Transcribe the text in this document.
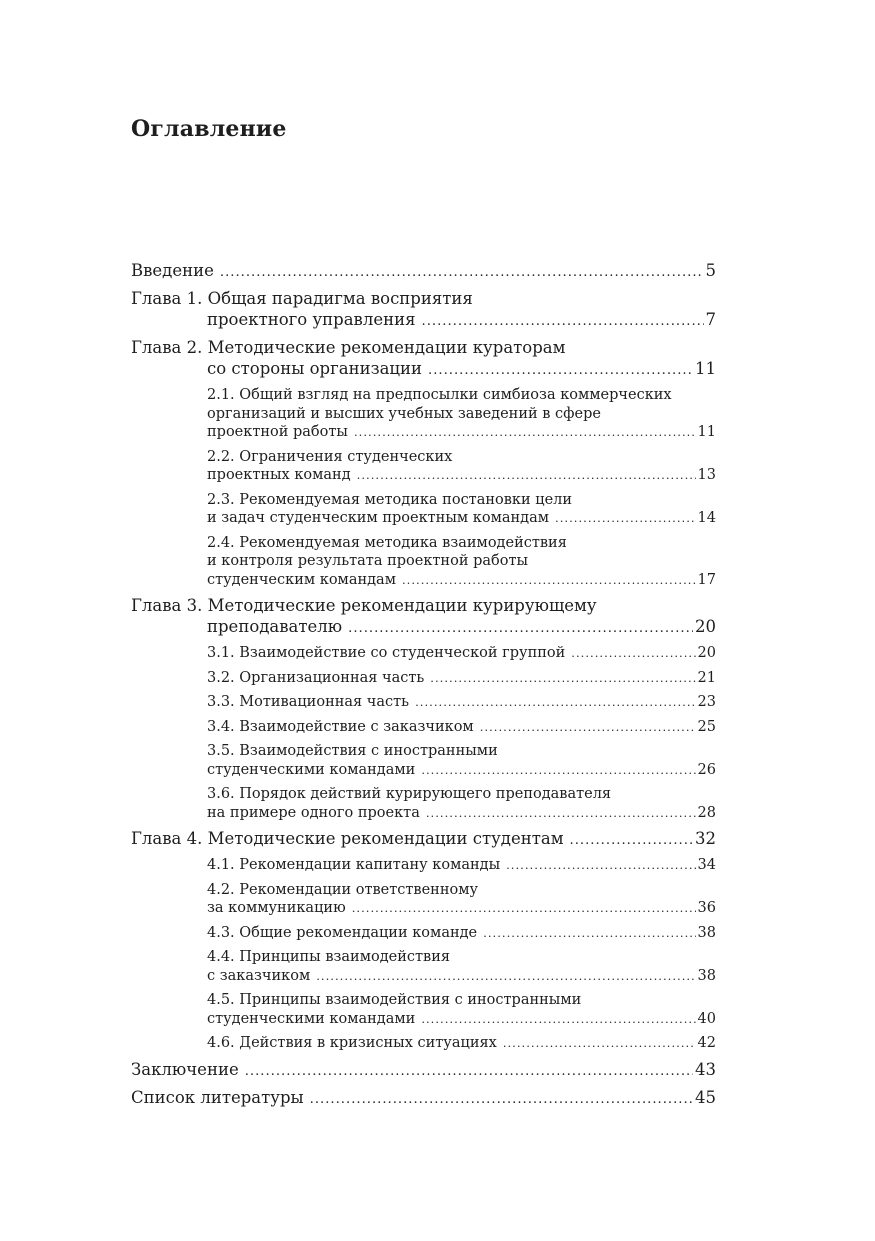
Оглавление
Введение .....	5
Глава 1. Общая парадигма восприятия
проектного управления .....	7
Глава 2. Методические рекомендации кураторам
со стороны организации .....	11
2.1. Общий взгляд на предпосылки симбиоза коммерческих
организаций и высших учебных заведений в сфере
проектной работы .....	11
2.2. Ограничения студенческих
проектных команд .....	13
2.3. Рекомендуемая методика постановки цели
и задач студенческим проектным командам .....	14
2.4. Рекомендуемая методика взаимодействия
и контроля результата проектной работы
студенческим командам .....	17
Глава 3. Методические рекомендации курирующему
преподавателю .....	20
3.1. Взаимодействие со студенческой группой .....	20
3.2. Организационная часть .....	21
3.3. Мотивационная часть .....	23
3.4. Взаимодействие с заказчиком .....	25
3.5. Взаимодействия с иностранными
студенческими командами .....	26
3.6. Порядок действий курирующего преподавателя
на примере одного проекта .....	28
Глава 4. Методические рекомендации студентам .....	32
4.1. Рекомендации капитану команды .....	34
4.2. Рекомендации ответственному
за коммуникацию .....	36
4.3. Общие рекомендации команде .....	38
4.4. Принципы взаимодействия
с заказчиком .....	38
4.5. Принципы взаимодействия с иностранными
студенческими командами .....	40
4.6. Действия в кризисных ситуациях .....	42
Заключение .....	43
Список литературы .....	45
